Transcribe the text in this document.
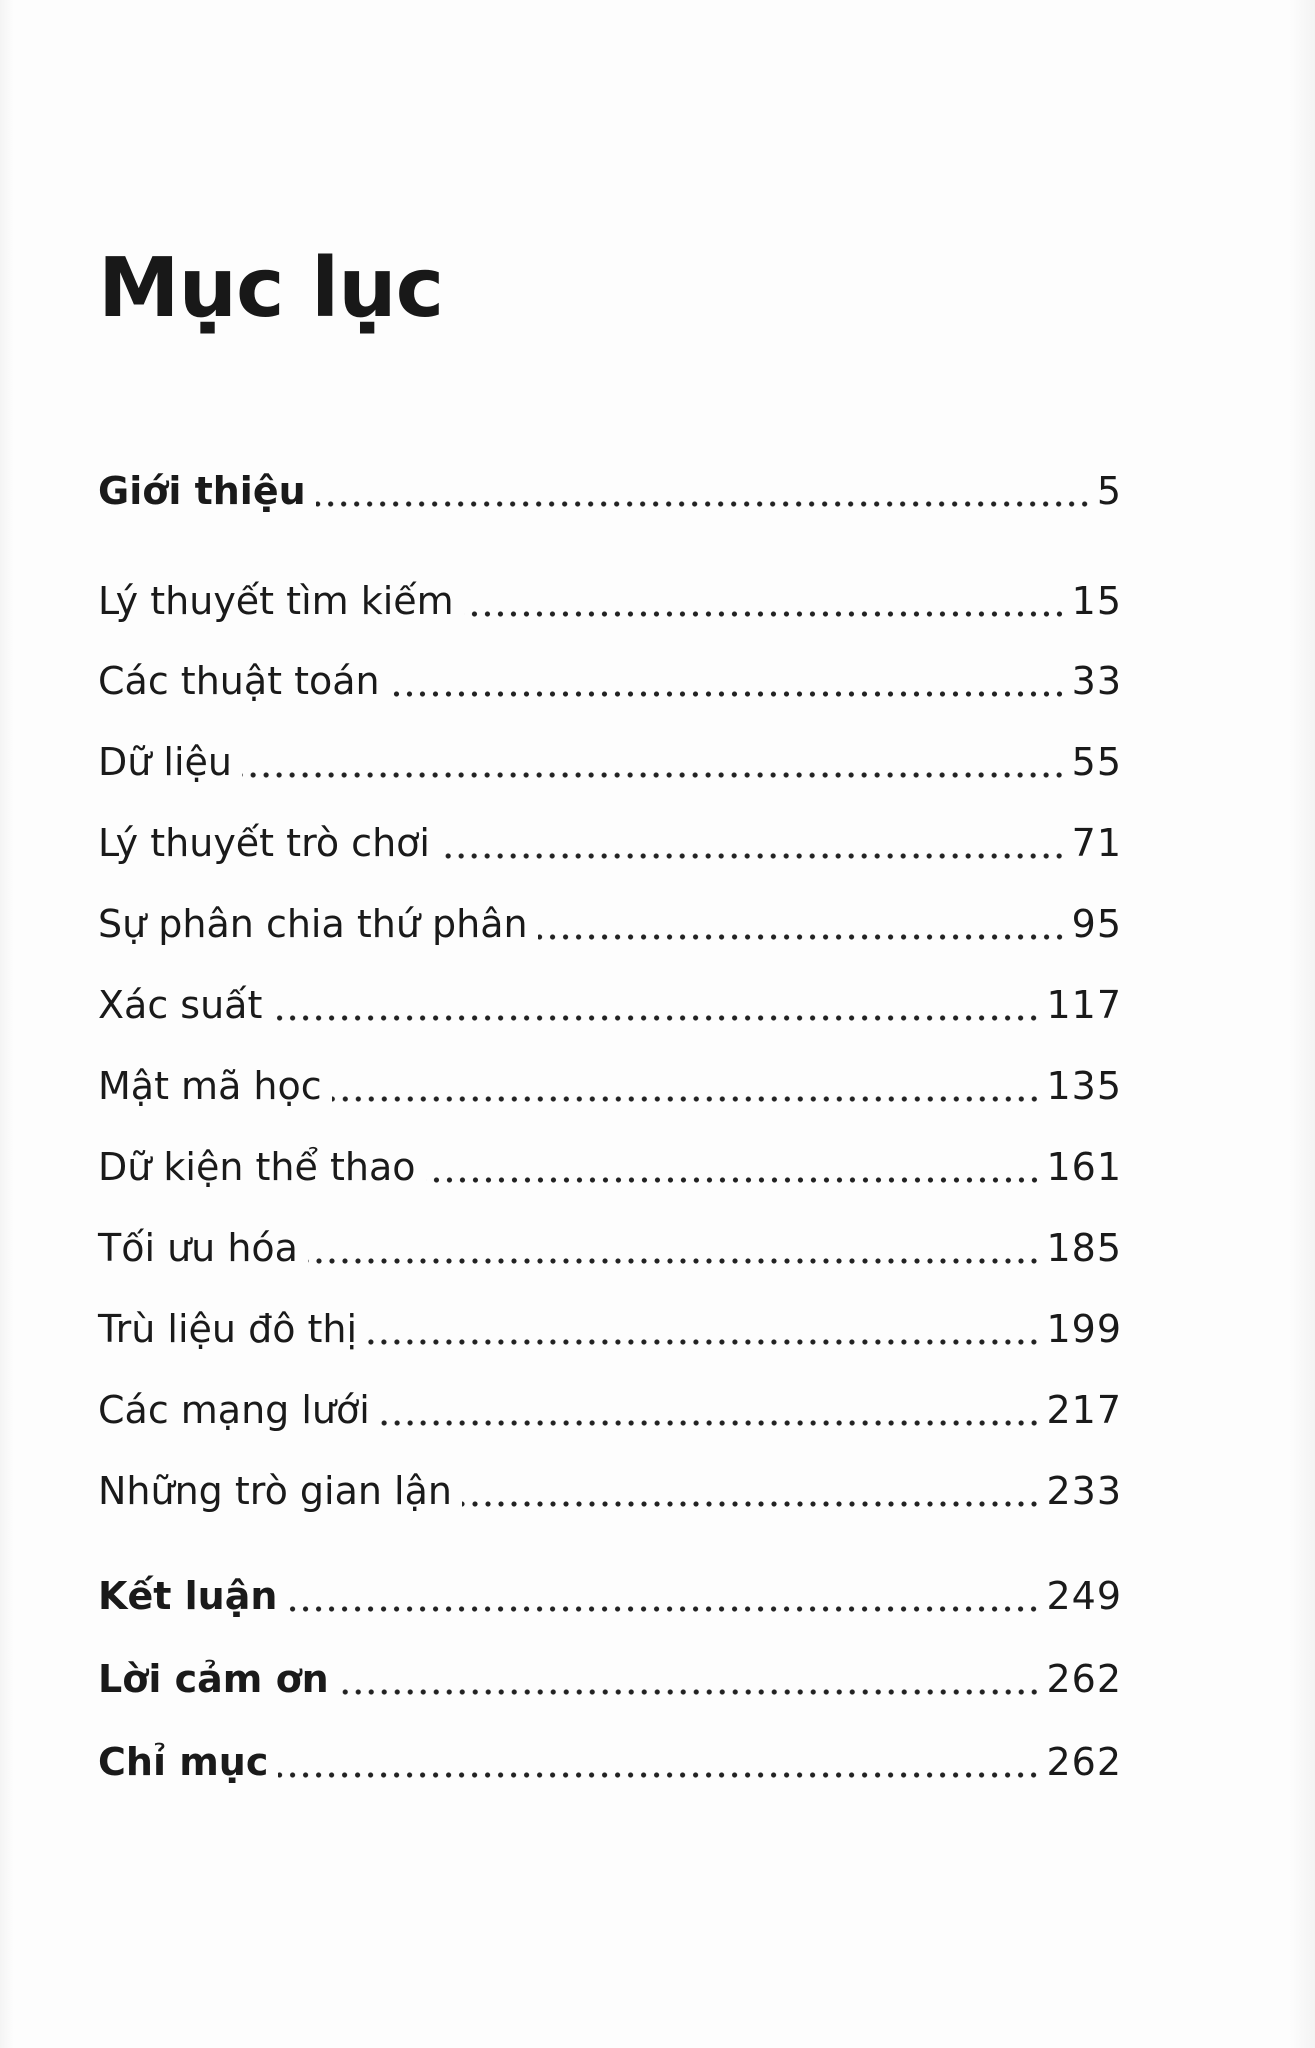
Mục lục
Giới thiệu	5
Lý thuyết tìm kiếm	15
Các thuật toán	33
Dữ liệu	55
Lý thuyết trò chơi	71
Sự phân chia thứ phân	95
Xác suất	117
Mật mã học	135
Dữ kiện thể thao	161
Tối ưu hóa	185
Trù liệu đô thị	199
Các mạng lưới	217
Những trò gian lận	233
Kết luận	249
Lời cảm ơn	262
Chỉ mục	262
